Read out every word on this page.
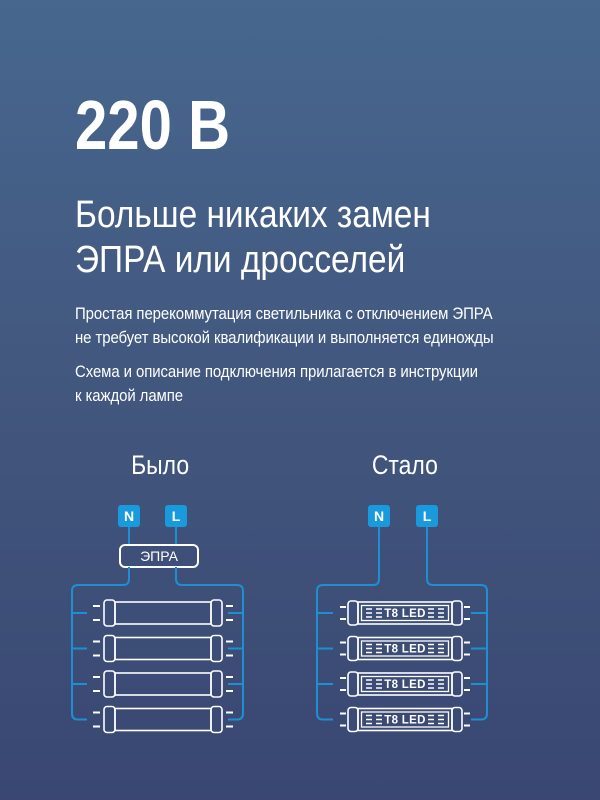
220 В
Больше никаких замен
ЭПРА или дросселей
Простая перекоммутация светильника с отключением ЭПРА
не требует высокой квалификации и выполняется единожды
Схема и описание подключения прилагается в инструкции
к каждой лампе
Было	Стало
N	L
ЭПРА
N	L
T8 LED
T8 LED
T8 LED
T8 LED
